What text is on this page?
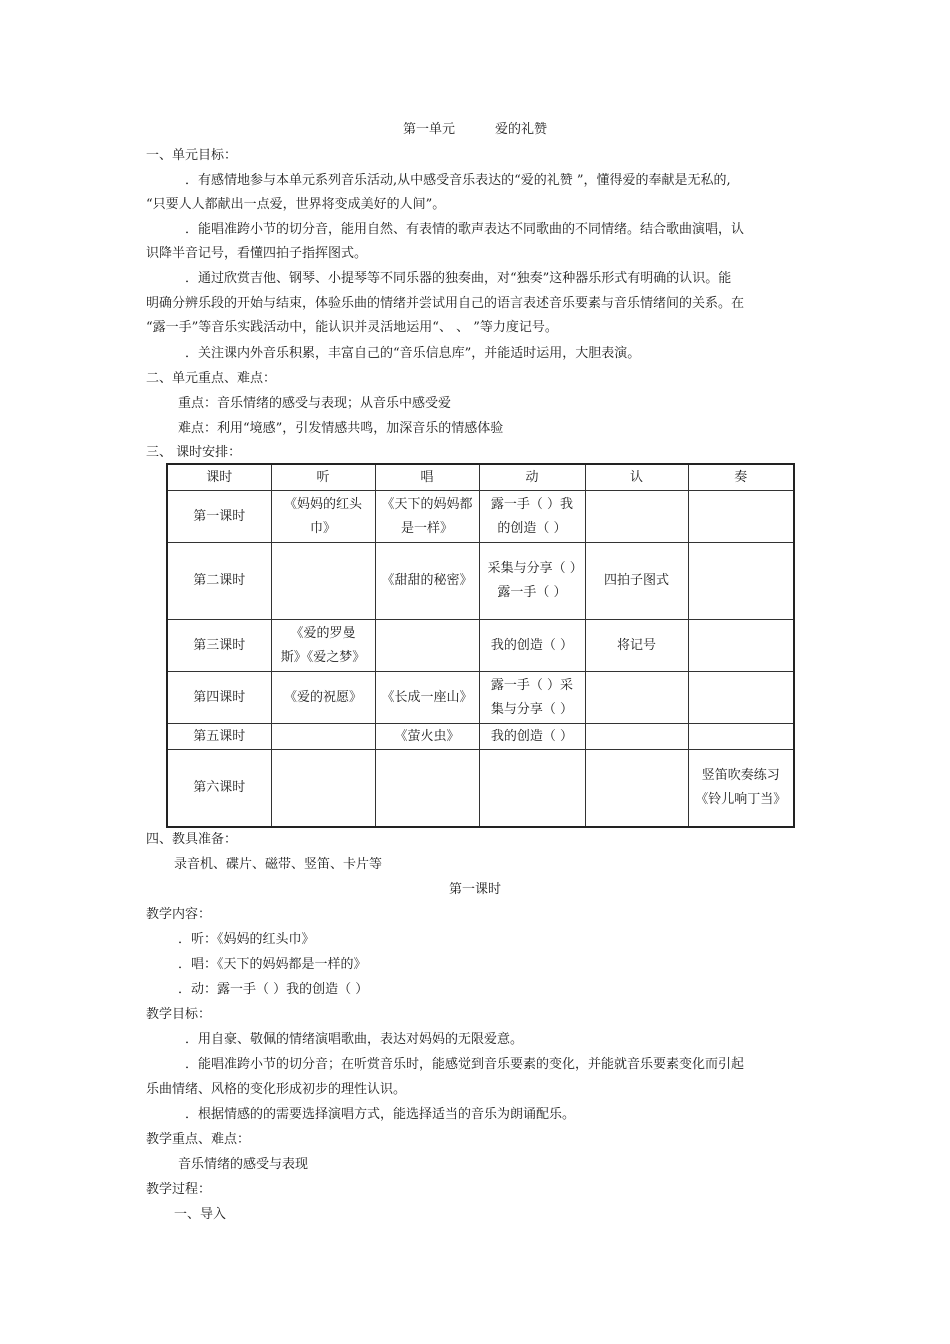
第一单元	爱的礼赞
一、单元目标：
．有感情地参与本单元系列音乐活动,从中感受音乐表达的“爱的礼赞 ”，懂得爱的奉献是无私的,
“只要人人都献出一点爱，世界将变成美好的人间”。
．能唱准跨小节的切分音，能用自然、有表情的歌声表达不同歌曲的不同情绪。结合歌曲演唱，认
识降半音记号，看懂四拍子指挥图式。
．通过欣赏吉他、钢琴、小提琴等不同乐器的独奏曲，对“独奏”这种器乐形式有明确的认识。能
明确分辨乐段的开始与结束，体验乐曲的情绪并尝试用自己的语言表述音乐要素与音乐情绪间的关系。在
“露一手”等音乐实践活动中，能认识并灵活地运用“、 、 ”等力度记号。
．关注课内外音乐积累，丰富自己的“音乐信息库”，并能适时运用，大胆表演。
二、单元重点、难点：
重点：音乐情绪的感受与表现；从音乐中感受爱
难点：利用“境感”，引发情感共鸣，加深音乐的情感体验
三、 课时安排：
课时	听	唱	动	认	奏
第一课时	《妈妈的红头巾》	《天下的妈妈都是一样》	露一手（ ）我的创造（ ）		
第二课时		《甜甜的秘密》	采集与分享（ ）露一手（ ）	四拍子图式	
第三课时	《爱的罗曼斯》《爱之梦》		我的创造（ ）	将记号	
第四课时	《爱的祝愿》	《长成一座山》	露一手（ ）采集与分享（ ）		
第五课时		《萤火虫》	我的创造（ ）		
第六课时					竖笛吹奏练习《铃儿响丁当》
四、教具准备：
录音机、碟片、磁带、竖笛、卡片等
第一课时
教学内容：
．听：《妈妈的红头巾》
．唱：《天下的妈妈都是一样的》
．动：露一手（ ）我的创造（ ）
教学目标：
．用自豪、敬佩的情绪演唱歌曲，表达对妈妈的无限爱意。
．能唱准跨小节的切分音；在听赏音乐时，能感觉到音乐要素的变化，并能就音乐要素变化而引起
乐曲情绪、风格的变化形成初步的理性认识。
．根据情感的的需要选择演唱方式，能选择适当的音乐为朗诵配乐。
教学重点、难点：
音乐情绪的感受与表现
教学过程：
一、导入
